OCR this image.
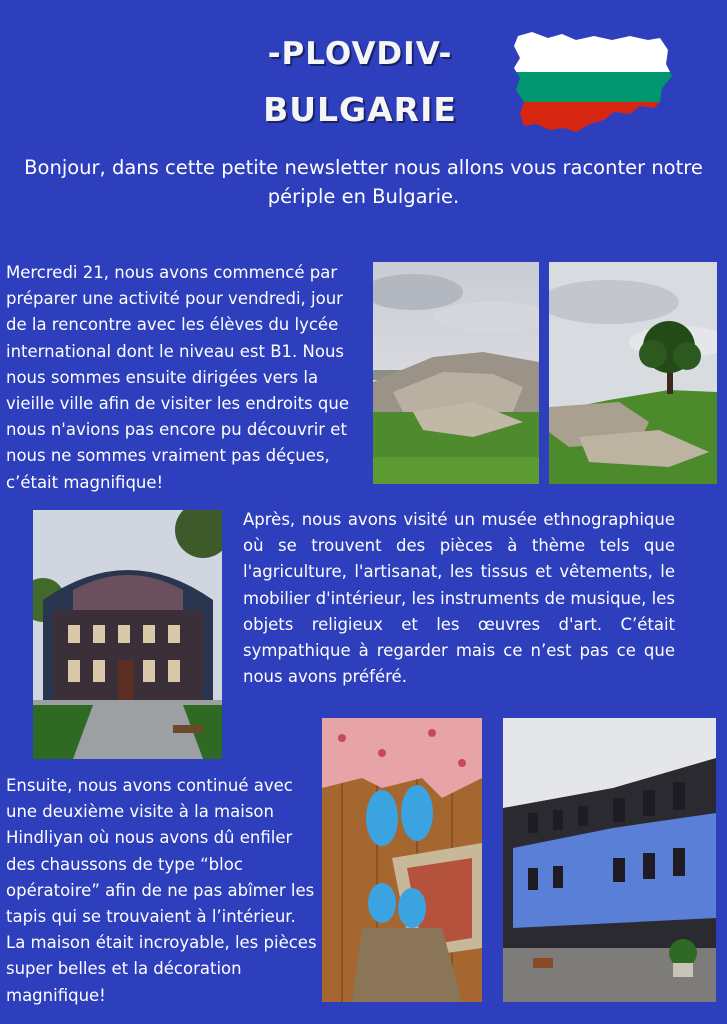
-PLOVDIV-
BULGARIE
Bonjour, dans cette petite newsletter nous allons vous raconter notre périple en Bulgarie.
Mercredi 21, nous avons commencé par préparer une activité pour vendredi, jour de la rencontre avec les élèves du lycée international dont le niveau est B1. Nous nous sommes ensuite dirigées vers la vieille ville afin de visiter les endroits que nous n'avions pas encore pu découvrir et nous ne sommes vraiment pas déçues, c’était magnifique!
Après, nous avons visité un musée ethnographique où se trouvent des pièces à thème tels que l'agriculture, l'artisanat, les tissus et vêtements, le mobilier d'intérieur, les instruments de musique, les objets religieux et les œuvres d'art. C’était sympathique à regarder mais ce n’est pas ce que nous avons préféré.
Ensuite, nous avons continué avec une deuxième visite à la maison Hindliyan où nous avons dû enfiler des chaussons de type “bloc opératoire” afin de ne pas abîmer les tapis qui se trouvaient à l’intérieur. La maison était incroyable, les pièces super belles et la décoration magnifique!
